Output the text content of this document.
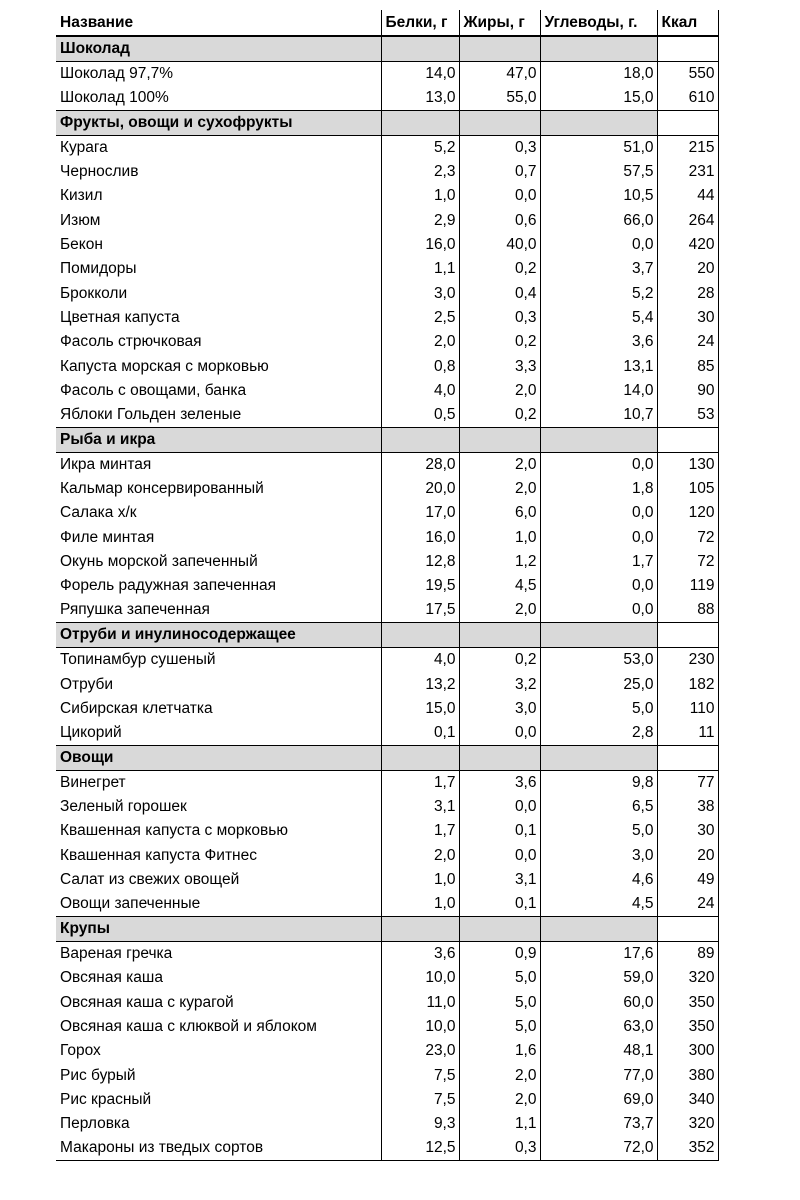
Название	Белки, г	Жиры, г	Углеводы, г.	Ккал
Шоколад				
Шоколад 97,7%	14,0	47,0	18,0	550
Шоколад 100%	13,0	55,0	15,0	610
Фрукты, овощи и сухофрукты				
Курага	5,2	0,3	51,0	215
Чернослив	2,3	0,7	57,5	231
Кизил	1,0	0,0	10,5	44
Изюм	2,9	0,6	66,0	264
Бекон	16,0	40,0	0,0	420
Помидоры	1,1	0,2	3,7	20
Брокколи	3,0	0,4	5,2	28
Цветная капуста	2,5	0,3	5,4	30
Фасоль стрючковая	2,0	0,2	3,6	24
Капуста морская с морковью	0,8	3,3	13,1	85
Фасоль с овощами, банка	4,0	2,0	14,0	90
Яблоки Гольден зеленые	0,5	0,2	10,7	53
Рыба и икра				
Икра минтая	28,0	2,0	0,0	130
Кальмар консервированный	20,0	2,0	1,8	105
Салака х/к	17,0	6,0	0,0	120
Филе минтая	16,0	1,0	0,0	72
Окунь морской запеченный	12,8	1,2	1,7	72
Форель радужная запеченная	19,5	4,5	0,0	119
Ряпушка запеченная	17,5	2,0	0,0	88
Отруби и инулиносодержащее				
Топинамбур сушеный	4,0	0,2	53,0	230
Отруби	13,2	3,2	25,0	182
Сибирская клетчатка	15,0	3,0	5,0	110
Цикорий	0,1	0,0	2,8	11
Овощи				
Винегрет	1,7	3,6	9,8	77
Зеленый горошек	3,1	0,0	6,5	38
Квашенная капуста с морковью	1,7	0,1	5,0	30
Квашенная капуста Фитнес	2,0	0,0	3,0	20
Салат из свежих овощей	1,0	3,1	4,6	49
Овощи запеченные	1,0	0,1	4,5	24
Крупы				
Вареная гречка	3,6	0,9	17,6	89
Овсяная каша	10,0	5,0	59,0	320
Овсяная каша с курагой	11,0	5,0	60,0	350
Овсяная каша с клюквой и яблоком	10,0	5,0	63,0	350
Горох	23,0	1,6	48,1	300
Рис бурый	7,5	2,0	77,0	380
Рис красный	7,5	2,0	69,0	340
Перловка	9,3	1,1	73,7	320
Макароны из тведых сортов	12,5	0,3	72,0	352
